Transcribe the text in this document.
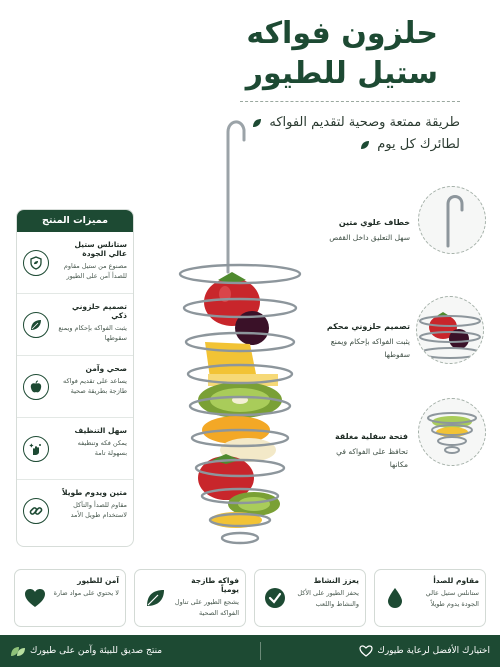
حلزون فواكه
ستيل للطيور
طريقة ممتعة وصحية لتقديم الفواكه
لطائرك كل يوم
مميزات المنتج
ستانلس ستيل عالي الجودة
مصنوع من ستيل مقاوم للصدأ آمن على الطيور
تصميم حلزوني ذكي
يثبت الفواكه بإحكام ويمنع سقوطها
صحي وآمن
يساعد على تقديم فواكه طازجة بطريقة صحية
سهل التنظيف
يمكن فكه وتنظيفه بسهولة تامة
متين ويدوم طويلاً
مقاوم للصدأ والتآكل لاستخدام طويل الأمد
خطاف علوي متين
سهل التعليق داخل القفص
تصميم حلزوني محكم
يثبت الفواكه بإحكام ويمنع سقوطها
فتحة سفلية مغلقة
تحافظ على الفواكه في مكانها
مقاوم للصدأ
ستانلس ستيل عالي الجودة يدوم طويلاً
يعزز النشاط
يحفز الطيور على الأكل والنشاط واللعب
فواكه طازجة يومياً
يشجع الطيور على تناول الفواكه الصحية
آمن للطيور
لا يحتوي على مواد ضارة
اختيارك الأفضل لرعاية طيورك
منتج صديق للبيئة وآمن على طيورك
